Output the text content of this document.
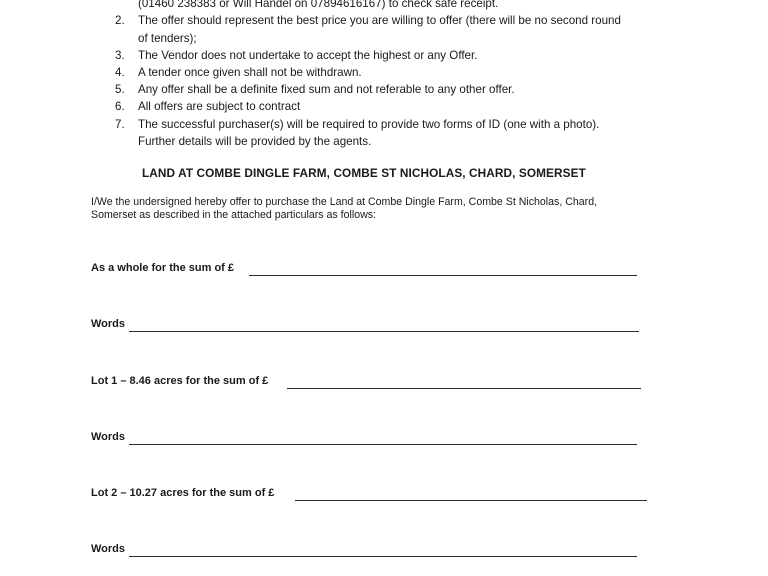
(01460 238383 or Will Handel on 07894616167) to check safe receipt.
2. The offer should represent the best price you are willing to offer (there will be no second round
of tenders);
3. The Vendor does not undertake to accept the highest or any Offer.
4. A tender once given shall not be withdrawn.
5. Any offer shall be a definite fixed sum and not referable to any other offer.
6. All offers are subject to contract
7. The successful purchaser(s) will be required to provide two forms of ID (one with a photo).
Further details will be provided by the agents.
LAND AT COMBE DINGLE FARM, COMBE ST NICHOLAS, CHARD, SOMERSET
I/We the undersigned hereby offer to purchase the Land at Combe Dingle Farm, Combe St Nicholas, Chard,
Somerset as described in the attached particulars as follows:
As a whole for the sum of £
Words
Lot 1 – 8.46 acres for the sum of £
Words
Lot 2 – 10.27 acres for the sum of £
Words
